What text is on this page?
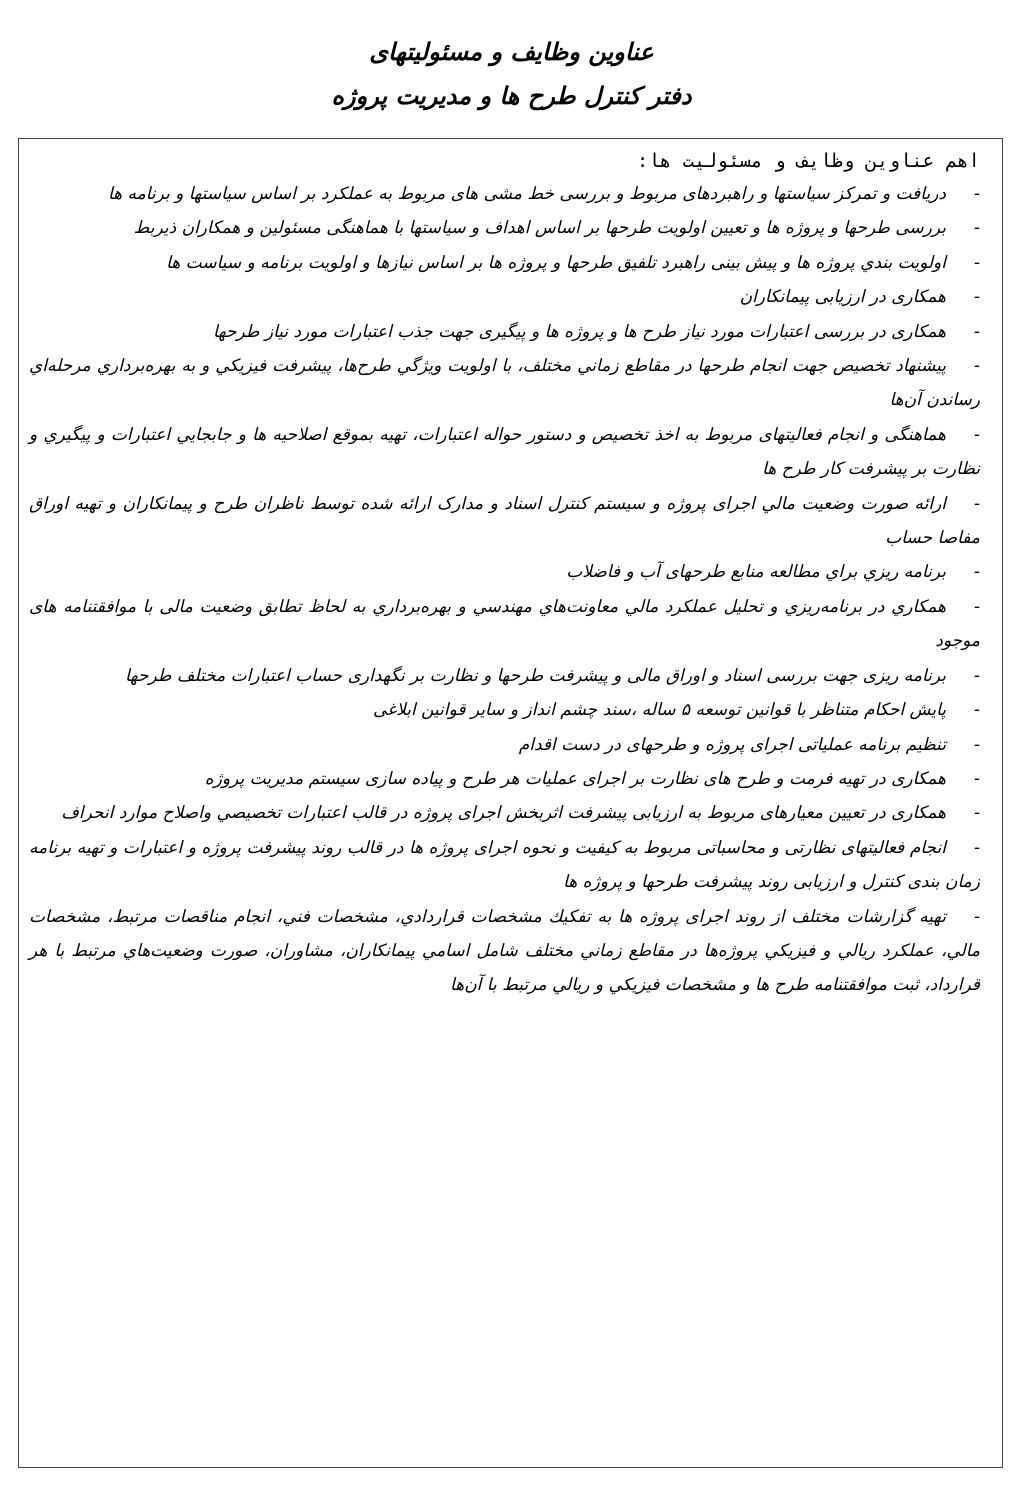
عناوین وظایف و مسئولیتهای
دفتر کنترل طرح ها و مدیریت پروژه
اهم عناوین وظایف و مسئولیت ها:
-دریافت و تمرکز سیاستها و راهبردهای مربوط و بررسی خط مشی های مربوط به عملکرد بر اساس سیاستها و برنامه ها
-بررسی طرحها و پروژه ها و تعیین اولویت طرحها بر اساس اهداف و سیاستها با هماهنگی مسئولین و همکاران ذیربط
-اولویت بندي پروژه ها و پیش بینی راهبرد تلفیق طرحها و پروژه ها بر اساس نیازها و اولویت برنامه و سیاست ها
-همکاری در ارزیابی پیمانکاران
-همکاری در بررسی اعتبارات مورد نیاز طرح ها و پروژه ها و پیگیری جهت جذب اعتبارات مورد نیاز طرحها
-پیشنهاد تخصیص جهت انجام طرحها در مقاطع زماني مختلف، با اولويت ويژگي طرح‌ها، پيشرفت فيزيكي و به بهره‌برداري مرحله‌اي رساندن آن‌ها
-هماهنگی و انجام فعالیتهای مربوط به اخذ تخصیص و دستور حواله اعتبارات، تهیه بموقع اصلاحیه ها و جابجايي اعتبارات و پيگيري و نظارت بر پيشرفت كار طرح ها
-ارائه صورت وضعیت مالي اجرای پروژه و سیستم کنترل اسناد و مدارک ارائه شده توسط ناظران طرح و پیمانکاران و تهیه اوراق مفاصا حساب
-برنامه ريزي براي مطالعه منابع طرحهای آب و فاضلاب
-همكاري در برنامه‌ريزي و تحليل عملكرد مالي معاونت‌هاي مهندسي و بهره‌برداري به لحاظ تطابق وضعیت مالی با موافقتنامه های موجود
-برنامه ریزی جهت بررسی اسناد و اوراق مالی و پیشرفت طرحها و نظارت بر نگهداری حساب اعتبارات مختلف طرحها
-پایش احکام متناظر با قوانین توسعه ۵ ساله ،سند چشم انداز و سایر قوانین ابلاغی
-تنظیم برنامه عملیاتی اجرای پروژه و طرحهای در دست اقدام
-همکاری در تهیه فرمت و طرح های نظارت بر اجرای عملیات هر طرح و پیاده سازی سیستم مدیریت پروژه
-همکاری در تعیین معیارهای مربوط به ارزیابی پیشرفت اثربخش اجرای پروژه در قالب اعتبارات تخصيصي واصلاح موارد انحراف
-انجام فعالیتهای نظارتی و محاسباتی مربوط به کیفیت و نحوه اجرای پروژه ها در قالب روند پیشرفت پروژه و اعتبارات و تهیه برنامه زمان بندی کنترل و ارزیابی روند پیشرفت طرحها و پروژه ها
-تهيه گزارشات مختلف از روند اجرای پروژه ها به تفكيك مشخصات قراردادي، مشخصات فني، انجام مناقصات مرتبط، مشخصات مالي، عملكرد ريالي و فيزيكي پروژه‌ها در مقاطع زماني مختلف شامل اسامي پيمانكاران، مشاوران، صورت وضعيت‌هاي مرتبط با هر قرارداد، ثبت موافقتنامه طرح ها و مشخصات فيزيكي و ريالي مرتبط با آن‌ها
